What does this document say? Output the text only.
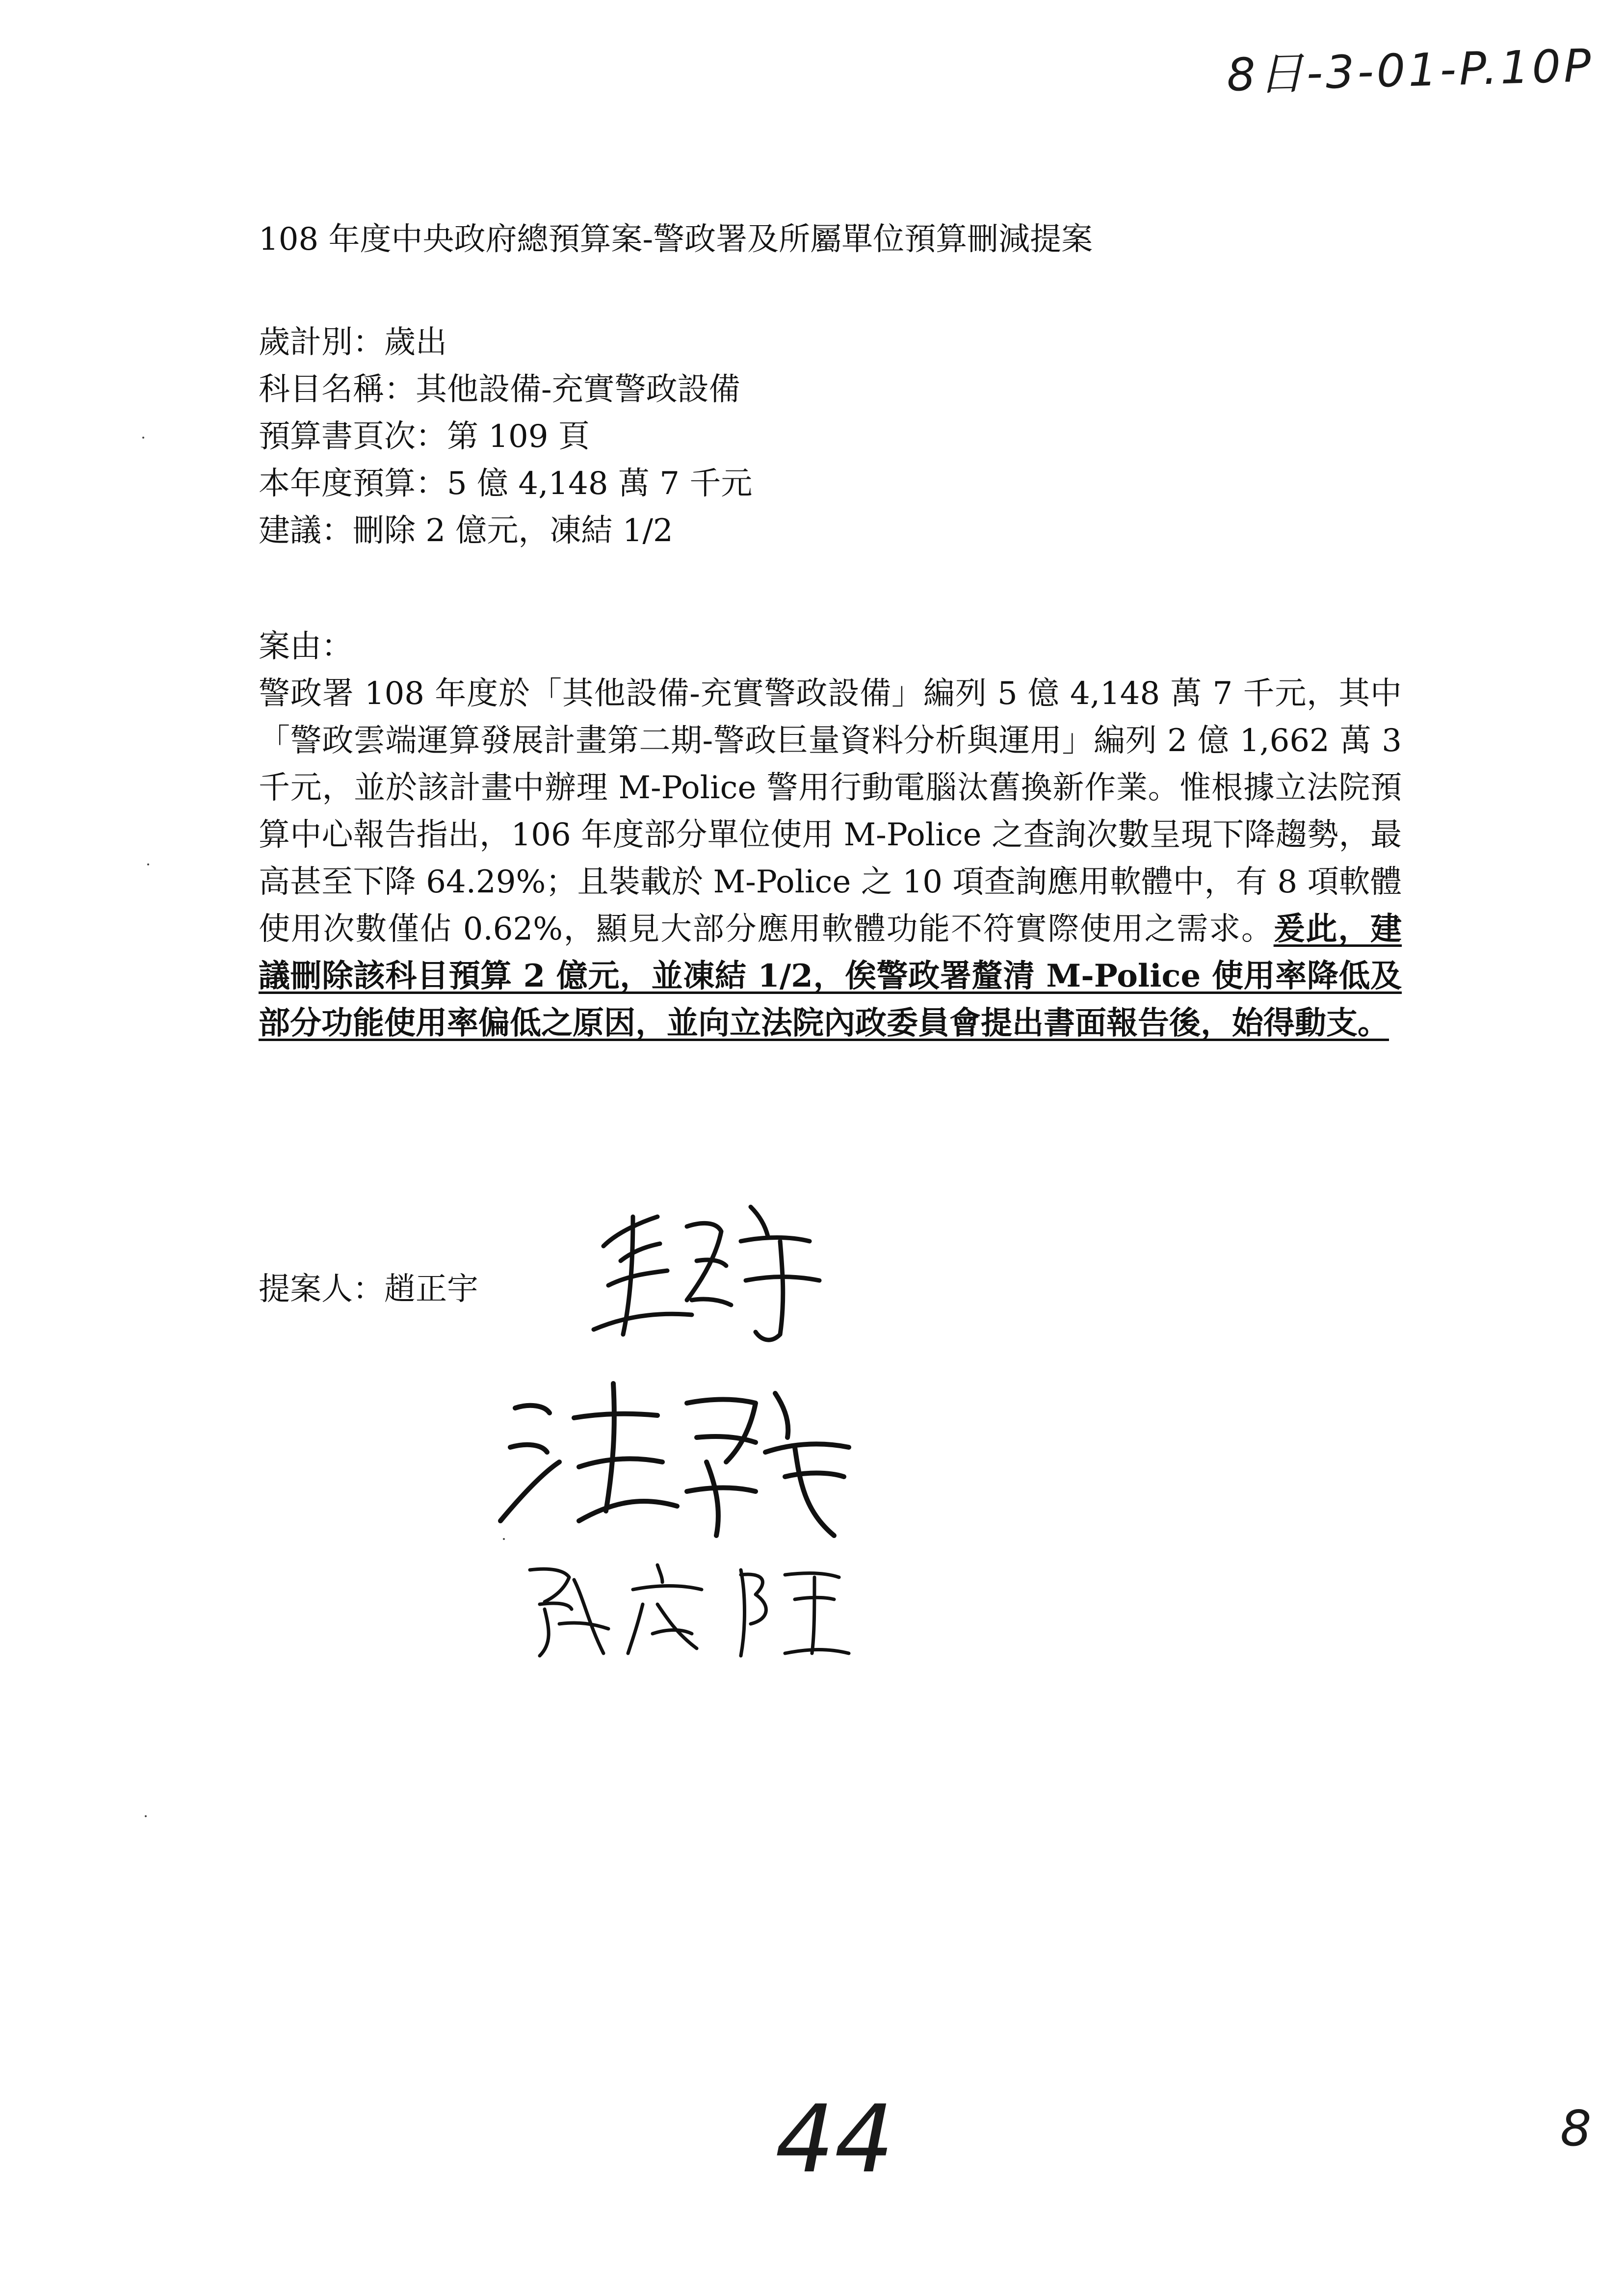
8日-3-01-P.10P
108 年度中央政府總預算案-警政署及所屬單位預算刪減提案
歲計別：歲出
科目名稱：其他設備-充實警政設備
預算書頁次：第 109 頁
本年度預算：5 億 4,148 萬 7 千元
建議：刪除 2 億元，凍結 1/2
案由：

警政署 108 年度於「其他設備-充實警政設備」編列 5 億 4,148 萬 7 千元，其中「警政雲端運算發展計畫第二期-警政巨量資料分析與運用」編列 2 億 1,662 萬 3 千元，並於該計畫中辦理 M-Police 警用行動電腦汰舊換新作業。惟根據立法院預算中心報告指出，106 年度部分單位使用 M-Police 之查詢次數呈現下降趨勢，最高甚至下降 64.29%；且裝載於 M-Police 之 10 項查詢應用軟體中，有 8 項軟體使用次數僅佔 0.62%，顯見大部分應用軟體功能不符實際使用之需求。爰此，建議刪除該科目預算 2 億元，並凍結 1/2，俟警政署釐清 M-Police 使用率降低及部分功能使用率偏低之原因，並向立法院內政委員會提出書面報告後，始得動支。

提案人：趙正宇
44	8
